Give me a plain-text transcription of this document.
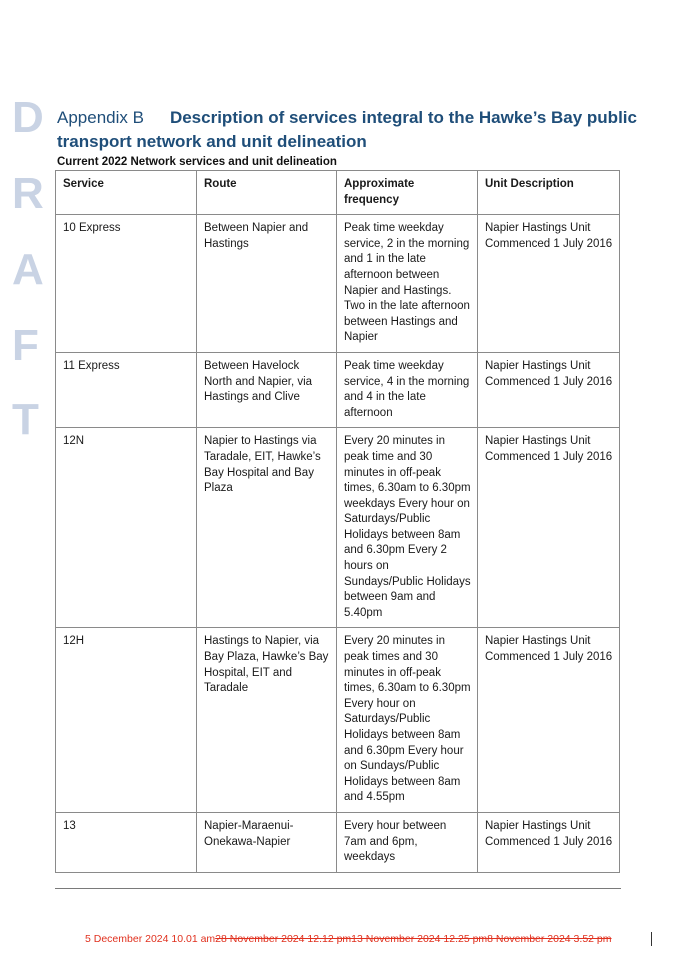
D
R
A
F
T
Appendix B Description of services integral to the Hawke’s Bay public transport network and unit delineation
Current 2022 Network services and unit delineation
Service	Route	Approximate frequency	Unit Description
10 Express	Between Napier and Hastings	Peak time weekday service, 2 in the morning and 1 in the late afternoon between Napier and Hastings. Two in the late afternoon between Hastings and Napier	Napier Hastings Unit Commenced 1 July 2016
11 Express	Between Havelock North and Napier, via Hastings and Clive	Peak time weekday service, 4 in the morning and 4 in the late afternoon	Napier Hastings Unit Commenced 1 July 2016
12N	Napier to Hastings via Taradale, EIT, Hawke’s Bay Hospital and Bay Plaza	Every 20 minutes in peak time and 30 minutes in off-peak times, 6.30am to 6.30pm weekdays Every hour on Saturdays/Public Holidays between 8am and 6.30pm Every 2 hours on Sundays/Public Holidays between 9am and 5.40pm	Napier Hastings Unit Commenced 1 July 2016
12H	Hastings to Napier, via Bay Plaza, Hawke’s Bay Hospital, EIT and Taradale	Every 20 minutes in peak times and 30 minutes in off-peak times, 6.30am to 6.30pm Every hour on Saturdays/Public Holidays between 8am and 6.30pm Every hour on Sundays/Public Holidays between 8am and 4.55pm	Napier Hastings Unit Commenced 1 July 2016
13	Napier-Maraenui-Onekawa-Napier	Every hour between 7am and 6pm, weekdays	Napier Hastings Unit Commenced 1 July 2016
5 December 2024 10.01 am28 November 2024 12.12 pm13 November 2024 12.25 pm8 November 2024 3.52 pm
